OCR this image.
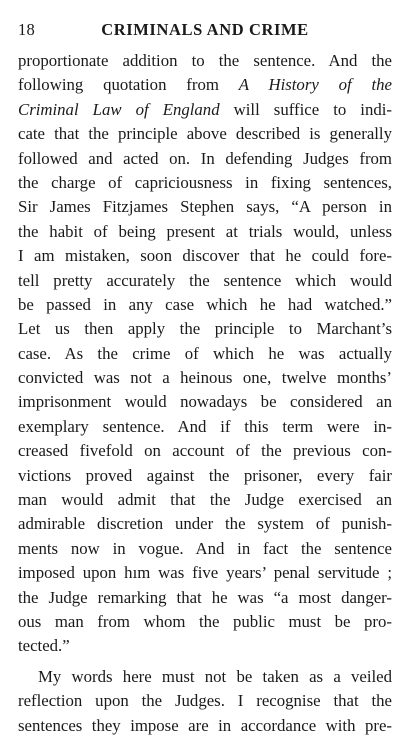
18	CRIMINALS AND CRIME
proportionate addition to the sentence. And the
following quotation from A History of the
Criminal Law of England will suffice to indi-
cate that the principle above described is generally
followed and acted on. In defending Judges from
the charge of capriciousness in fixing sentences,
Sir James Fitzjames Stephen says, “A person in
the habit of being present at trials would, unless
I am mistaken, soon discover that he could fore-
tell pretty accurately the sentence which would
be passed in any case which he had watched.”
Let us then apply the principle to Marchant’s
case. As the crime of which he was actually
convicted was not a heinous one, twelve months’
imprisonment would nowadays be considered an
exemplary sentence. And if this term were in-
creased fivefold on account of the previous con-
victions proved against the prisoner, every fair
man would admit that the Judge exercised an
admirable discretion under the system of punish-
ments now in vogue. And in fact the sentence
imposed upon hım was five years’ penal servitude ;
the Judge remarking that he was “a most danger-
ous man from whom the public must be pro-
tected.”
My words here must not be taken as a veiled
reflection upon the Judges. I recognise that the
sentences they impose are in accordance with pre-
